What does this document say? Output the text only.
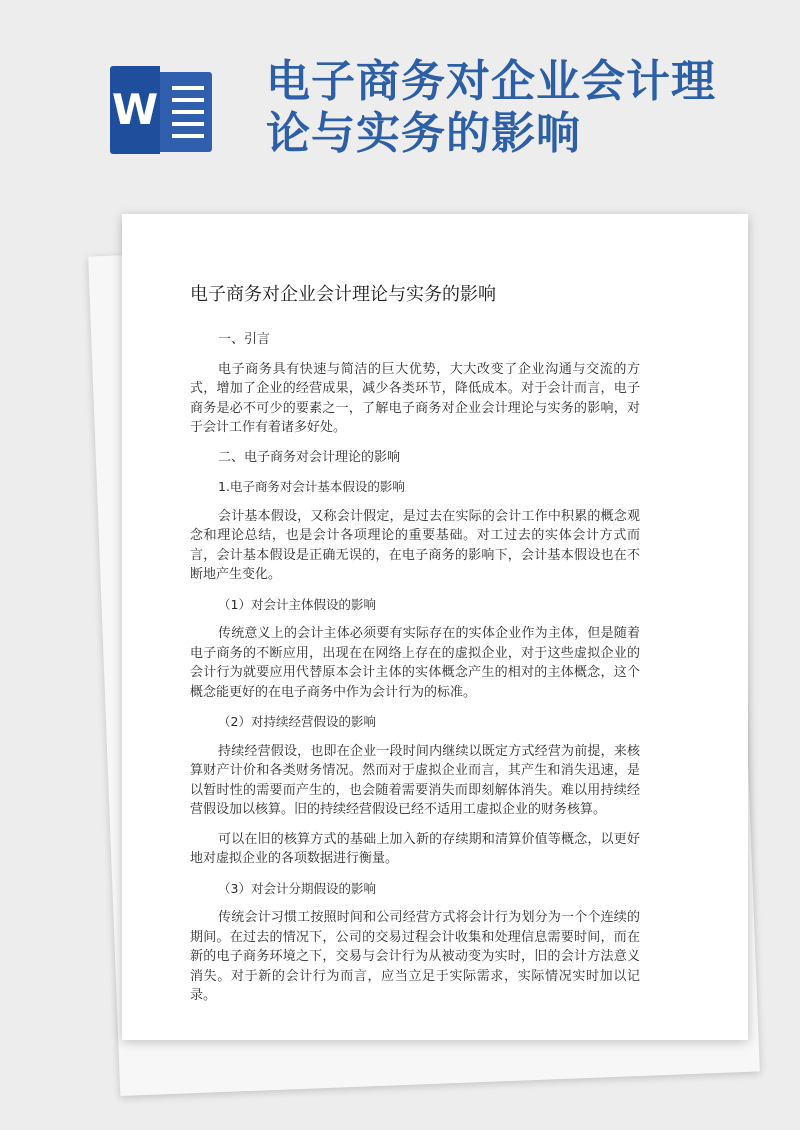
W
电子商务对企业会计理论与实务的影响
电子商务对企业会计理论与实务的影响

一、引言

电子商务具有快速与简洁的巨大优势，大大改变了企业沟通与交流的方式，增加了企业的经营成果，减少各类环节，降低成本。对于会计而言，电子商务是必不可少的要素之一，了解电子商务对企业会计理论与实务的影响，对于会计工作有着诸多好处。

二、电子商务对会计理论的影响

1.电子商务对会计基本假设的影响

会计基本假设，又称会计假定，是过去在实际的会计工作中积累的概念观念和理论总结，也是会计各项理论的重要基础。对工过去的实体会计方式而言，会计基本假设是正确无误的，在电子商务的影响下，会计基本假设也在不断地产生变化。

（1）对会计主体假设的影响

传统意义上的会计主体必须要有实际存在的实体企业作为主体，但是随着电子商务的不断应用，出现在在网络上存在的虚拟企业，对于这些虚拟企业的会计行为就要应用代替原本会计主体的实体概念产生的相对的主体概念，这个概念能更好的在电子商务中作为会计行为的标准。

（2）对持续经营假设的影响

持续经营假设，也即在企业一段时间内继续以既定方式经营为前提，来核算财产计价和各类财务情况。然而对于虚拟企业而言，其产生和消失迅速，是以暂时性的需要而产生的，也会随着需要消失而即刻解体消失。难以用持续经营假设加以核算。旧的持续经营假设已经不适用工虚拟企业的财务核算。

可以在旧的核算方式的基础上加入新的存续期和清算价值等概念，以更好地对虚拟企业的各项数据进行衡量。

（3）对会计分期假设的影响

传统会计习惯工按照时间和公司经营方式将会计行为划分为一个个连续的期间。在过去的情况下，公司的交易过程会计收集和处理信息需要时间，而在新的电子商务环境之下，交易与会计行为从被动变为实时，旧的会计方法意义消失。对于新的会计行为而言，应当立足于实际需求，实际情况实时加以记录。
